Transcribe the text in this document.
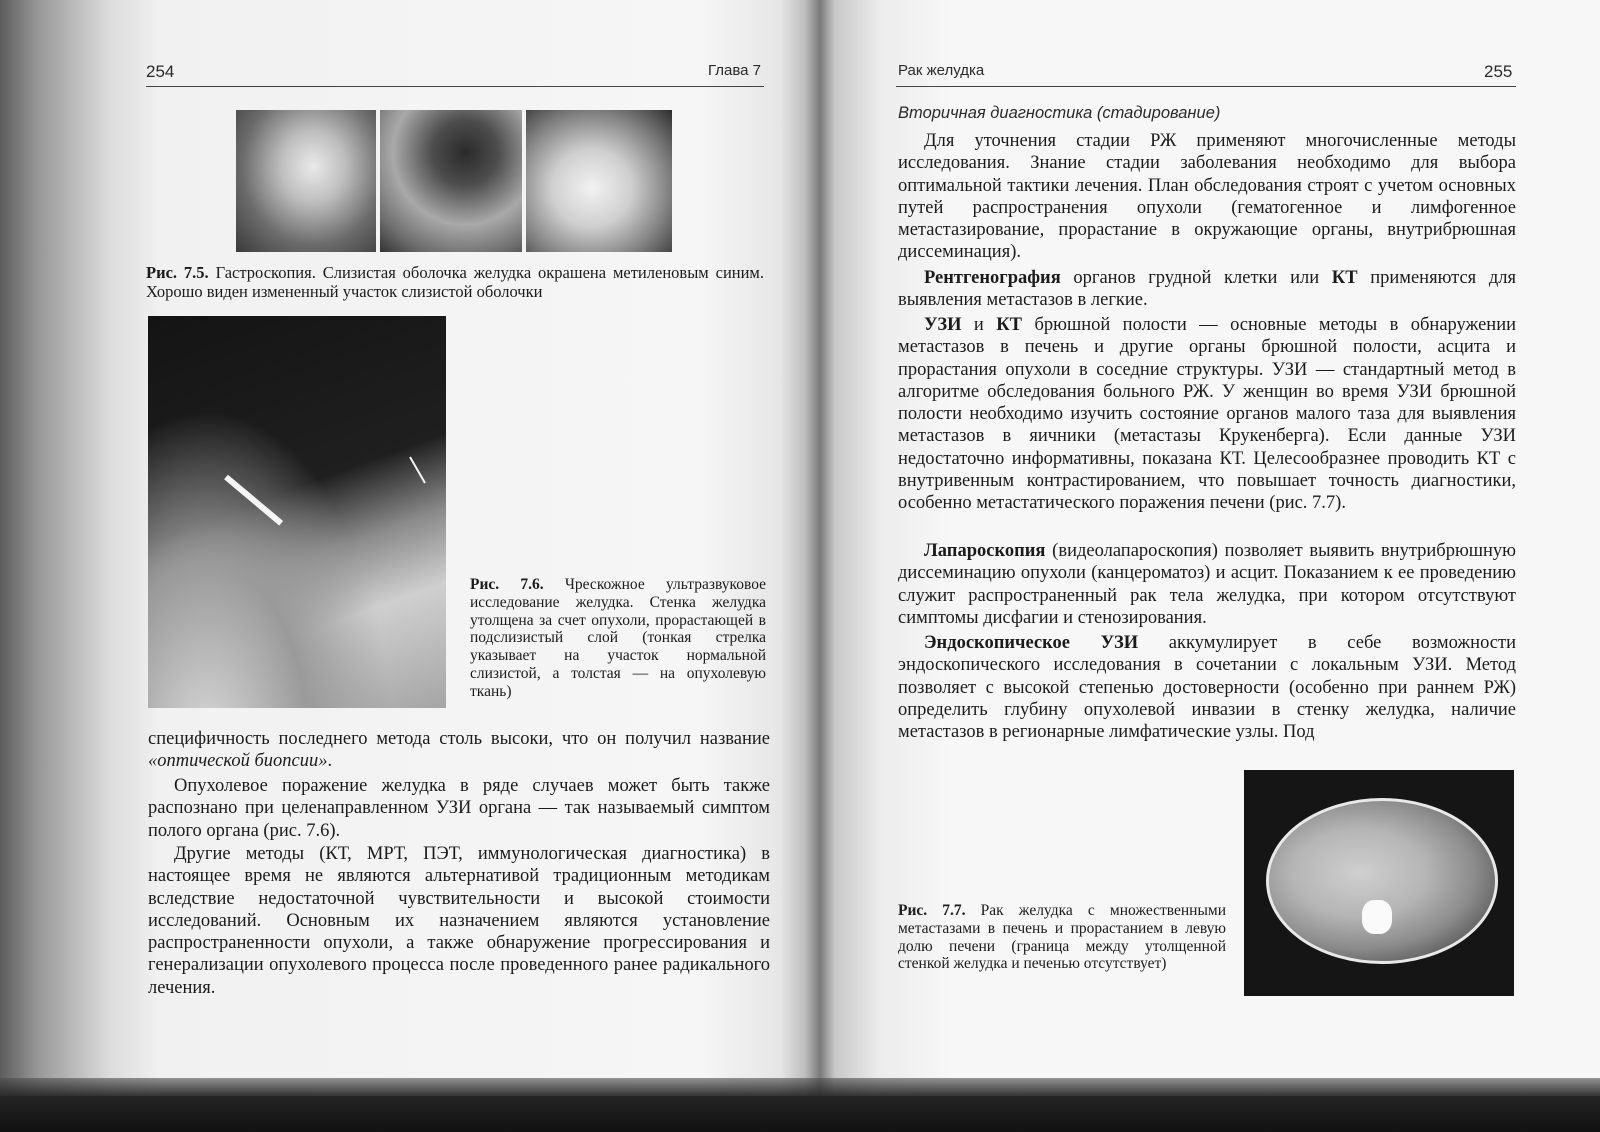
254	Глава 7
Рис. 7.5. Гастроскопия. Слизистая оболочка желудка окрашена метиленовым синим. Хорошо виден измененный участок слизистой оболочки
Рис. 7.6. Чрескожное ультразвуковое исследование желудка. Стенка желудка утолщена за счет опухоли, прорастающей в подслизистый слой (тонкая стрелка указывает на участок нормальной слизистой, а толстая — на опухолевую ткань)
специфичность последнего метода столь высоки, что он получил название «оптической биопсии».
Опухолевое поражение желудка в ряде случаев может быть также распознано при целенаправленном УЗИ органа — так называемый симптом полого органа (рис. 7.6).
Другие методы (КТ, МРТ, ПЭТ, иммунологическая диагностика) в настоящее время не являются альтернативой традиционным методикам вследствие недостаточной чувствительности и высокой стоимости исследований. Основным их назначением являются установление распространенности опухоли, а также обнаружение прогрессирования и генерализации опухолевого процесса после проведенного ранее радикального лечения.
Рак желудка	255
Вторичная диагностика (стадирование)
Для уточнения стадии РЖ применяют многочисленные методы исследования. Знание стадии заболевания необходимо для выбора оптимальной тактики лечения. План обследования строят с учетом основных путей распространения опухоли (гематогенное и лимфогенное метастазирование, прорастание в окружающие органы, внутрибрюшная диссеминация).
Рентгенография органов грудной клетки или КТ применяются для выявления метастазов в легкие.
УЗИ и КТ брюшной полости — основные методы в обнаружении метастазов в печень и другие органы брюшной полости, асцита и прорастания опухоли в соседние структуры. УЗИ — стандартный метод в алгоритме обследования больного РЖ. У женщин во время УЗИ брюшной полости необходимо изучить состояние органов малого таза для выявления метастазов в яичники (метастазы Крукенберга). Если данные УЗИ недостаточно информативны, показана КТ. Целесообразнее проводить КТ с внутривенным контрастированием, что повышает точность диагностики, особенно метастатического поражения печени (рис. 7.7).
Лапароскопия (видеолапароскопия) позволяет выявить внутрибрюшную диссеминацию опухоли (канцероматоз) и асцит. Показанием к ее проведению служит распространенный рак тела желудка, при котором отсутствуют симптомы дисфагии и стенозирования.
Эндоскопическое УЗИ аккумулирует в себе возможности эндоскопического исследования в сочетании с локальным УЗИ. Метод позволяет с высокой степенью достоверности (особенно при раннем РЖ) определить глубину опухолевой инвазии в стенку желудка, наличие метастазов в регионарные лимфатические узлы. Под
Рис. 7.7. Рак желудка с множественными метастазами в печень и прорастанием в левую долю печени (граница между утолщенной стенкой желудка и печенью отсутствует)
